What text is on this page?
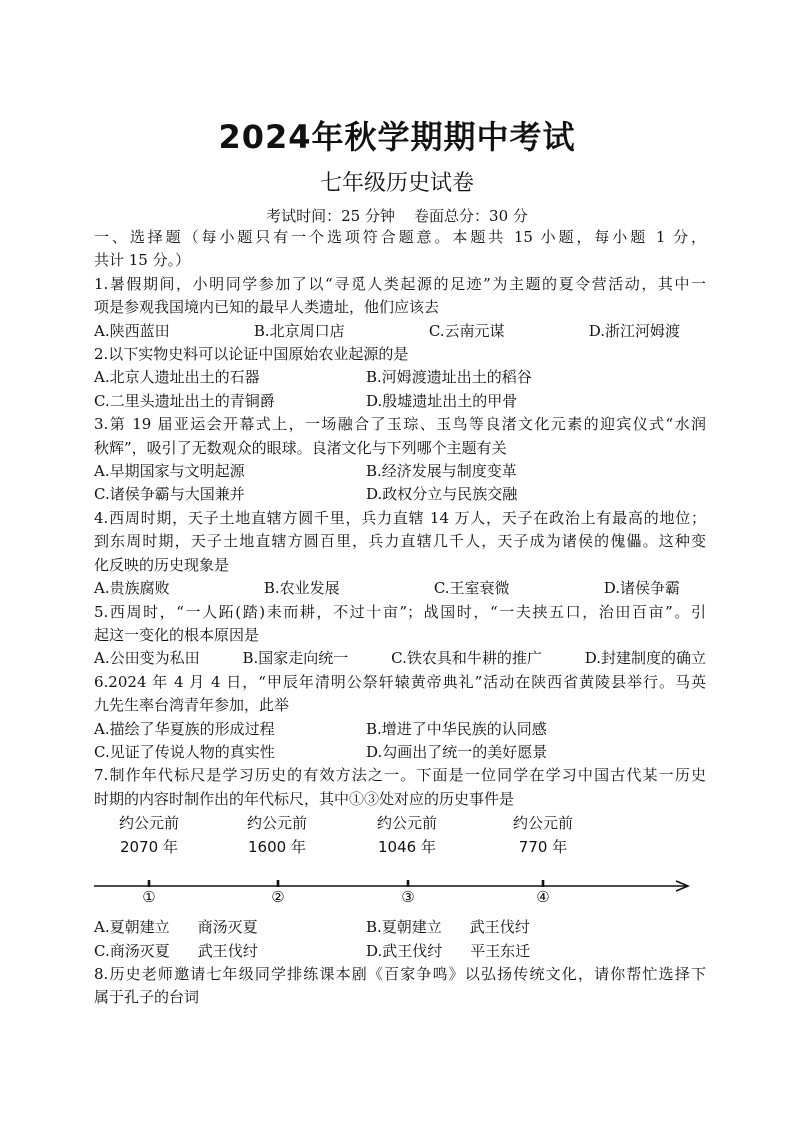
2024年秋学期期中考试
七年级历史试卷
考试时间：25 分钟    卷面总分：30 分
一、选择题（每小题只有一个选项符合题意。本题共 15 小题，每小题 1 分，
共计 15 分。）
1.暑假期间，小明同学参加了以“寻觅人类起源的足迹”为主题的夏令营活动，其中一
项是参观我国境内已知的最早人类遗址，他们应该去
A.陕西蓝田	B.北京周口店	C.云南元谋	D.浙江河姆渡
2.以下实物史料可以论证中国原始农业起源的是
A.北京人遗址出土的石器	B.河姆渡遗址出土的稻谷
C.二里头遗址出土的青铜爵	D.殷墟遗址出土的甲骨
3.第 19 届亚运会开幕式上，一场融合了玉琮、玉鸟等良渚文化元素的迎宾仪式“水润
秋辉”，吸引了无数观众的眼球。良渚文化与下列哪个主题有关
A.早期国家与文明起源	B.经济发展与制度变革
C.诸侯争霸与大国兼并	D.政权分立与民族交融
4.西周时期，天子土地直辖方圆千里，兵力直辖 14 万人，天子在政治上有最高的地位；
到东周时期，天子土地直辖方圆百里，兵力直辖几千人，天子成为诸侯的傀儡。这种变
化反映的历史现象是
A.贵族腐败	B.农业发展	C.王室衰微	D.诸侯争霸
5.西周时，“一人跖(踏)耒而耕，不过十亩”；战国时，“一夫挟五口，治田百亩”。引
起这一变化的根本原因是
A.公田变为私田	B.国家走向统一	C.铁农具和牛耕的推广	D.封建制度的确立
6.2024 年 4 月 4 日，“甲辰年清明公祭轩辕黄帝典礼”活动在陕西省黄陵县举行。马英
九先生率台湾青年参加，此举
A.描绘了华夏族的形成过程	B.增进了中华民族的认同感
C.见证了传说人物的真实性	D.勾画出了统一的美好愿景
7.制作年代标尺是学习历史的有效方法之一。下面是一位同学在学习中国古代某一历史
时期的内容时制作出的年代标尺，其中①③处对应的历史事件是
约公元前
2070 年
约公元前
1600 年
约公元前
1046 年
约公元前
770 年
①	②	③	④
A.夏朝建立 商汤灭夏	B.夏朝建立 武王伐纣
C.商汤灭夏 武王伐纣	D.武王伐纣 平王东迁
8.历史老师邀请七年级同学排练课本剧《百家争鸣》以弘扬传统文化，请你帮忙选择下
属于孔子的台词
